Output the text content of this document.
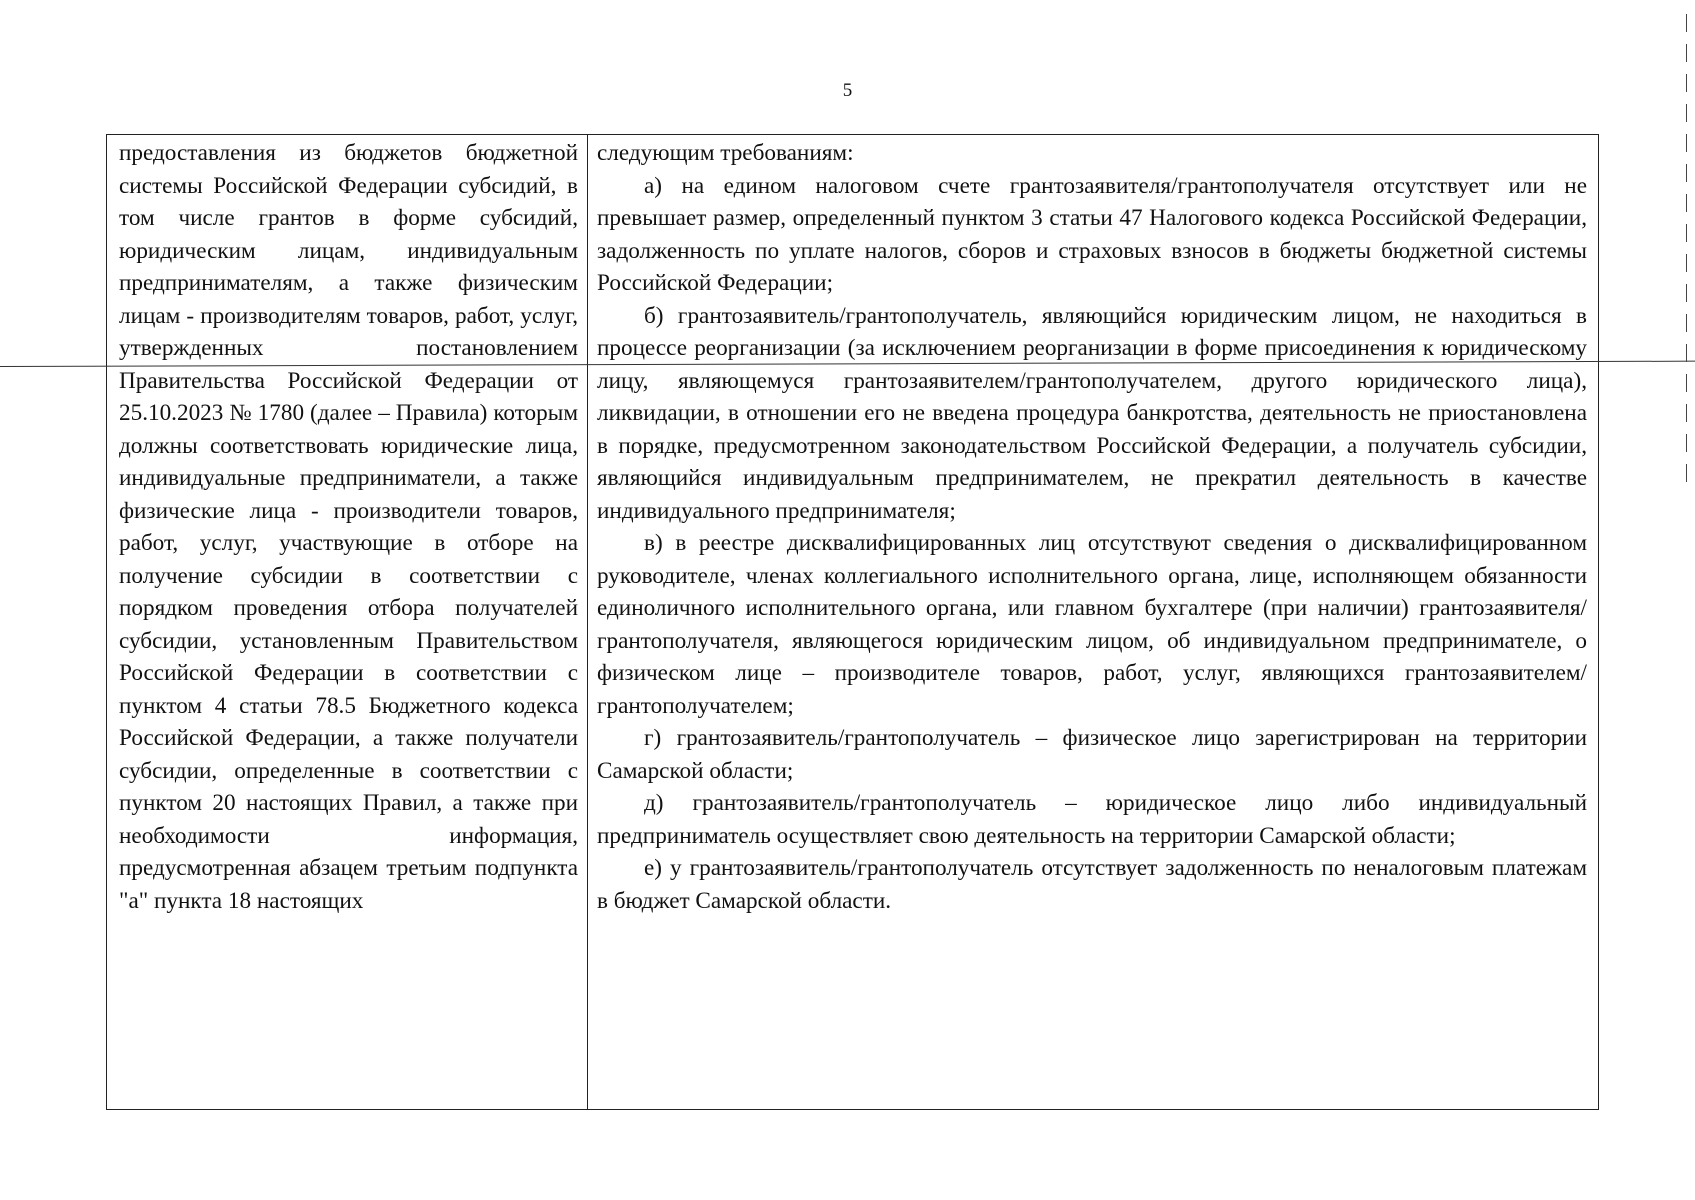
5

предоставления из бюджетов бюджетной системы Российской Федерации субсидий, в том числе грантов в форме субсидий, юридическим лицам, индивидуальным предпринимателям, а также физическим лицам - производителям товаров, работ, услуг, утвержденных постановлением Правительства Российской Федерации от 25.10.2023 № 1780 (далее – Правила) которым должны соответствовать юридические лица, индивидуальные предприниматели, а также физические лица - производители товаров, работ, услуг, участвующие в отборе на получение субсидии в соответствии с порядком проведения отбора получателей субсидии, установленным Правительством Российской Федерации в соответствии с пунктом 4 статьи 78.5 Бюджетного кодекса Российской Федерации, а также получатели субсидии, определенные в соответствии с пунктом 20 настоящих Правил, а также при необходимости информация, предусмотренная абзацем третьим подпункта "а" пункта 18 настоящих

следующим требованиям:

а) на едином налоговом счете грантозаявителя/грантополучателя отсутствует или не превышает размер, определенный пунктом 3 статьи 47 Налогового кодекса Российской Федерации, задолженность по уплате налогов, сборов и страховых взносов в бюджеты бюджетной системы Российской Федерации;

б) грантозаявитель/грантополучатель, являющийся юридическим лицом, не находиться в процессе реорганизации (за исключением реорганизации в форме присоединения к юридическому лицу, являющемуся грантозаявителем/грантополучателем, другого юридического лица), ликвидации, в отношении его не введена процедура банкротства, деятельность не приостановлена в порядке, предусмотренном законодательством Российской Федерации, а получатель субсидии, являющийся индивидуальным предпринимателем, не прекратил деятельность в качестве индивидуального предпринимателя;

в) в реестре дисквалифицированных лиц отсутствуют сведения о дисквалифицированном руководителе, членах коллегиального исполнительного органа, лице, исполняющем обязанности единоличного исполнительного органа, или главном бухгалтере (при наличии) грантозаявителя/грантополучателя, являющегося юридическим лицом, об индивидуальном предпринимателе, о физическом лице – производителе товаров, работ, услуг, являющихся грантозаявителем/грантополучателем;

г) грантозаявитель/грантополучатель – физическое лицо зарегистрирован на территории Самарской области;

д) грантозаявитель/грантополучатель – юридическое лицо либо индивидуальный предприниматель осуществляет свою деятельность на территории Самарской области;

е) у грантозаявитель/грантополучатель отсутствует задолженность по неналоговым платежам в бюджет Самарской области.
